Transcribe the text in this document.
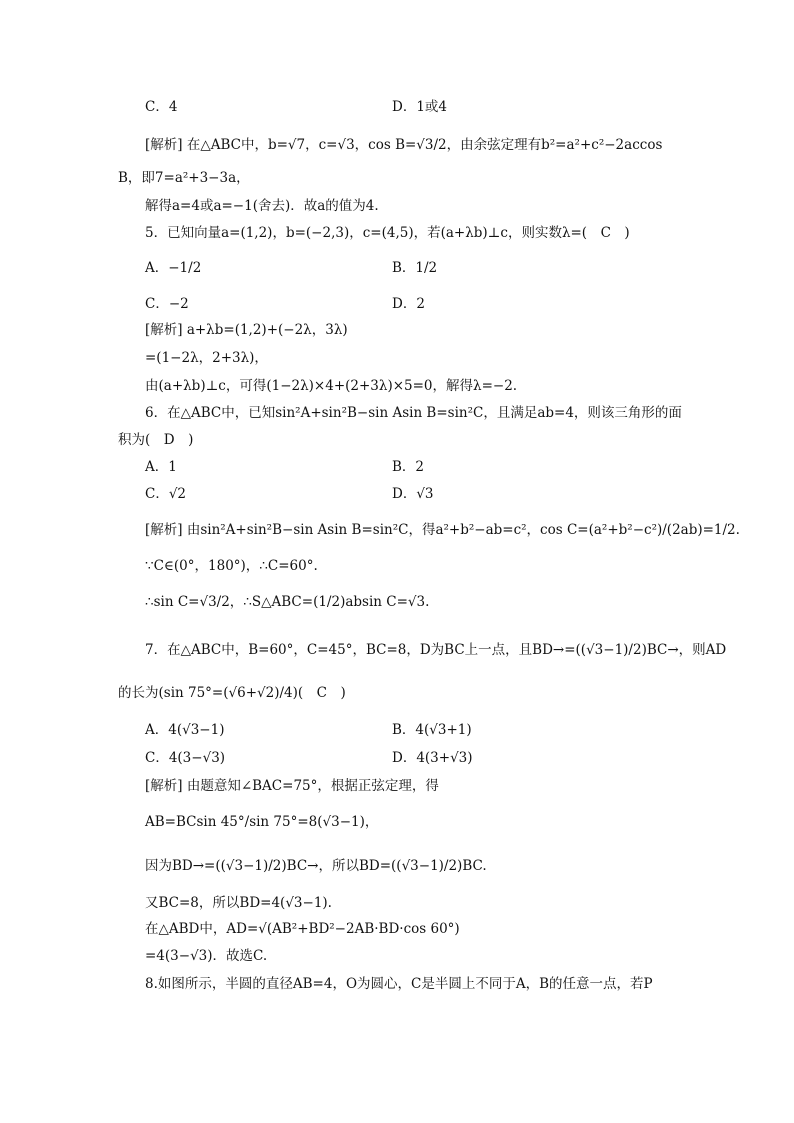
C．4	D．1或4
[解析] 在△ABC中，b=√7，c=√3，cos B=√3/2，由余弦定理有b²=a²+c²−2accos
B，即7=a²+3−3a，
解得a=4或a=−1(舍去)．故a的值为4.
5．已知向量a=(1,2)，b=(−2,3)，c=(4,5)，若(a+λb)⊥c，则实数λ=(　C　)
A．−1/2	B．1/2
C．−2	D．2
[解析] a+λb=(1,2)+(−2λ，3λ)
=(1−2λ，2+3λ)，
由(a+λb)⊥c，可得(1−2λ)×4+(2+3λ)×5=0，解得λ=−2.
6．在△ABC中，已知sin²A+sin²B−sin Asin B=sin²C，且满足ab=4，则该三角形的面
积为(　D　)
A．1	B．2
C．√2	D．√3
[解析] 由sin²A+sin²B−sin Asin B=sin²C，得a²+b²−ab=c²，cos C=(a²+b²−c²)/(2ab)=1/2.
∵C∈(0°，180°)，∴C=60°.
∴sin C=√3/2，∴S△ABC=(1/2)absin C=√3.
7．在△ABC中，B=60°，C=45°，BC=8，D为BC上一点，且BD→=((√3−1)/2)BC→，则AD
的长为(sin 75°=(√6+√2)/4)(　C　)
A．4(√3−1)	B．4(√3+1)
C．4(3−√3)	D．4(3+√3)
[解析] 由题意知∠BAC=75°，根据正弦定理，得
AB=BCsin 45°/sin 75°=8(√3−1)，
因为BD→=((√3−1)/2)BC→，所以BD=((√3−1)/2)BC.
又BC=8，所以BD=4(√3−1).
在△ABD中，AD=√(AB²+BD²−2AB·BD·cos 60°)
=4(3−√3)．故选C.
8.如图所示，半圆的直径AB=4，O为圆心，C是半圆上不同于A，B的任意一点，若P
